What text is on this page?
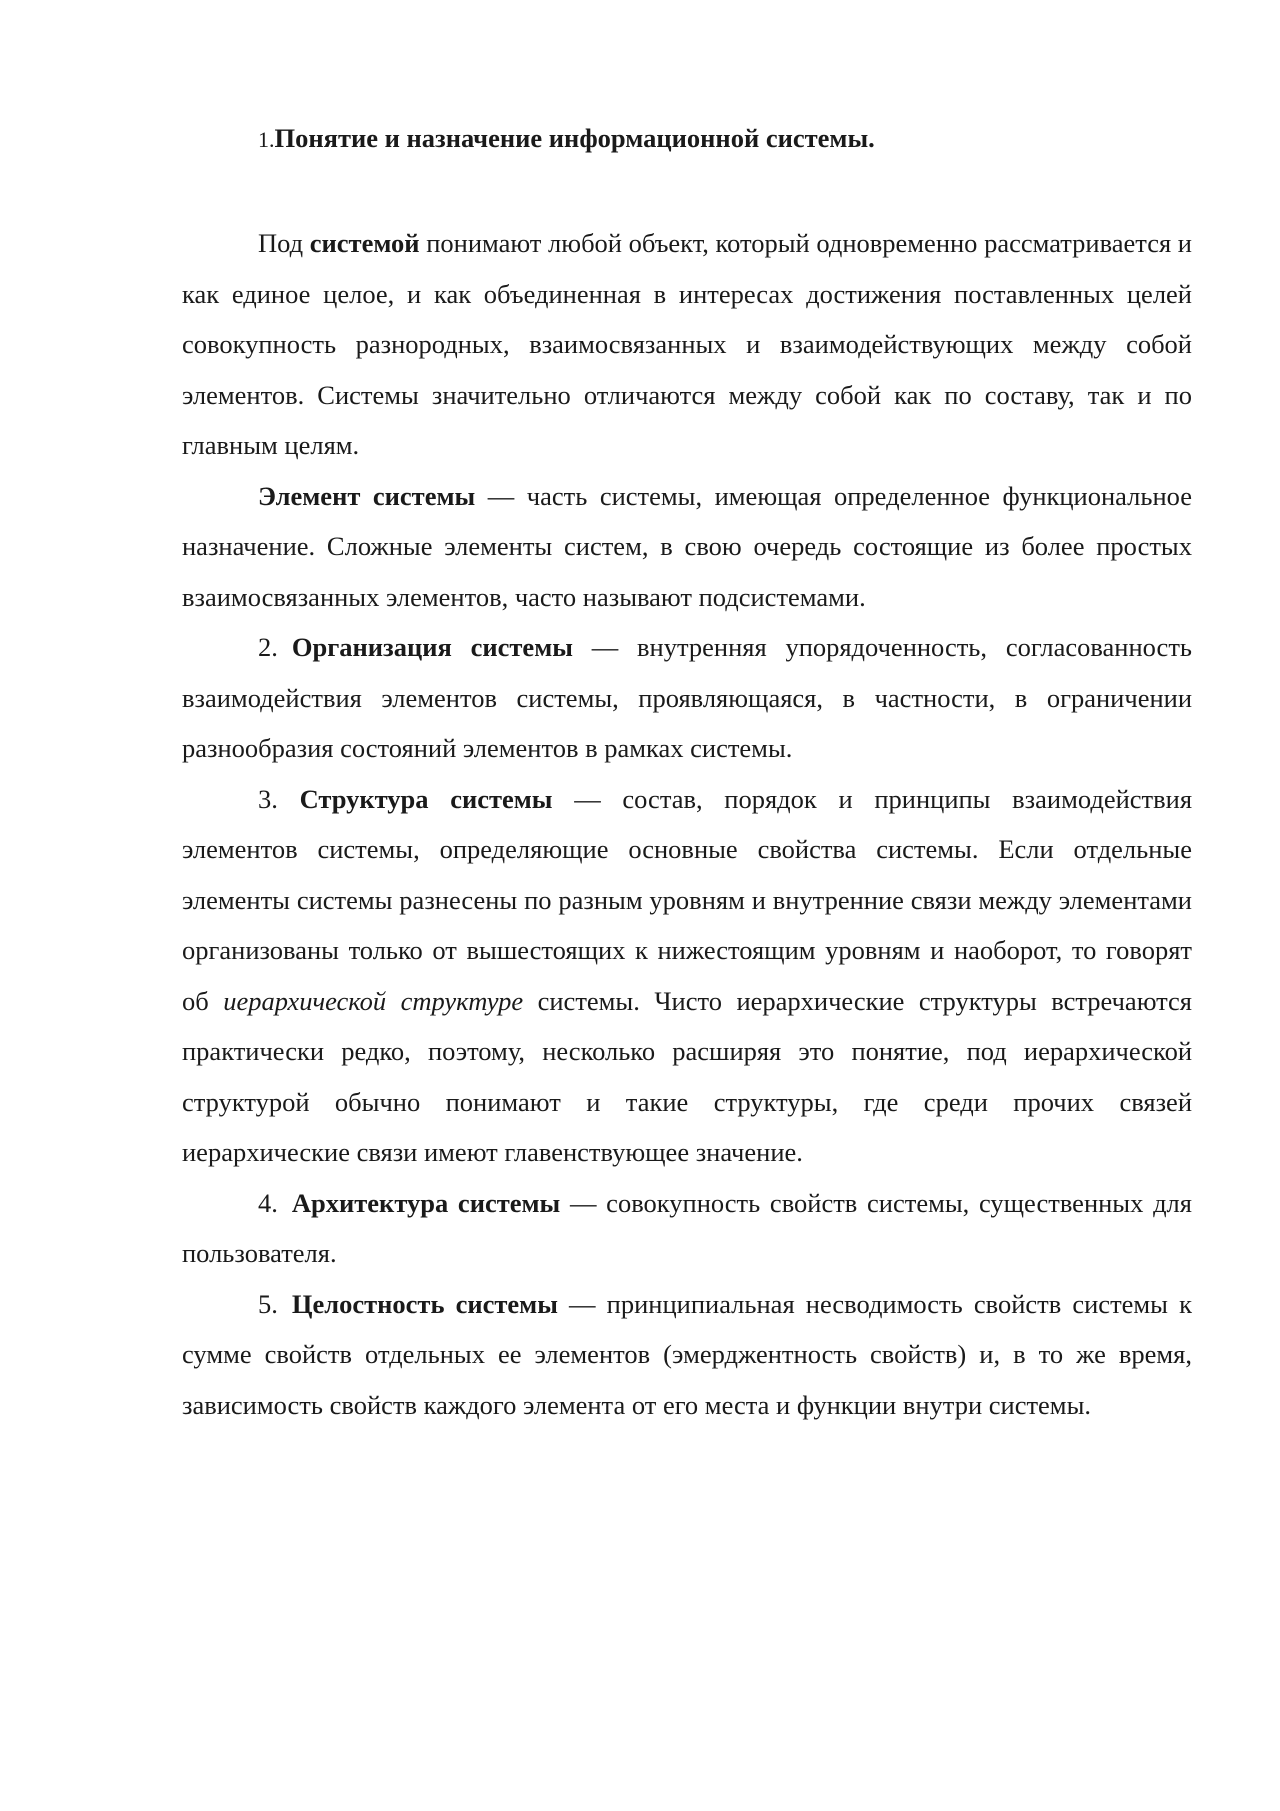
1.Понятие и назначение информационной системы.

Под системой понимают любой объект, который одновременно рассматривается и как единое целое, и как объединенная в интересах достижения поставленных целей совокупность разнородных, взаимосвязанных и взаимодействующих между собой элементов. Системы значительно отличаются между собой как по составу, так и по главным целям.

Элемент системы — часть системы, имеющая определенное функциональное назначение. Сложные элементы систем, в свою очередь состоящие из более простых взаимосвязанных элементов, часто называют подсистемами.

2. Организация системы — внутренняя упорядоченность, согласованность взаимодействия элементов системы, проявляющаяся, в частности, в ограничении разнообразия состояний элементов в рамках системы.

3. Структура системы — состав, порядок и принципы взаимодействия элементов системы, определяющие основные свойства системы. Если отдельные элементы системы разнесены по разным уровням и внутренние связи между элементами организованы только от вышестоящих к нижестоящим уровням и наоборот, то говорят об иерархической структуре системы. Чисто иерархические структуры встречаются практически редко, поэтому, несколько расширяя это понятие, под иерархической структурой обычно понимают и такие структуры, где среди прочих связей иерархические связи имеют главенствующее значение.

4. Архитектура системы — совокупность свойств системы, существенных для пользователя.

5. Целостность системы — принципиальная несводимость свойств системы к сумме свойств отдельных ее элементов (эмерджентность свойств) и, в то же время, зависимость свойств каждого элемента от его места и функции внутри системы.
